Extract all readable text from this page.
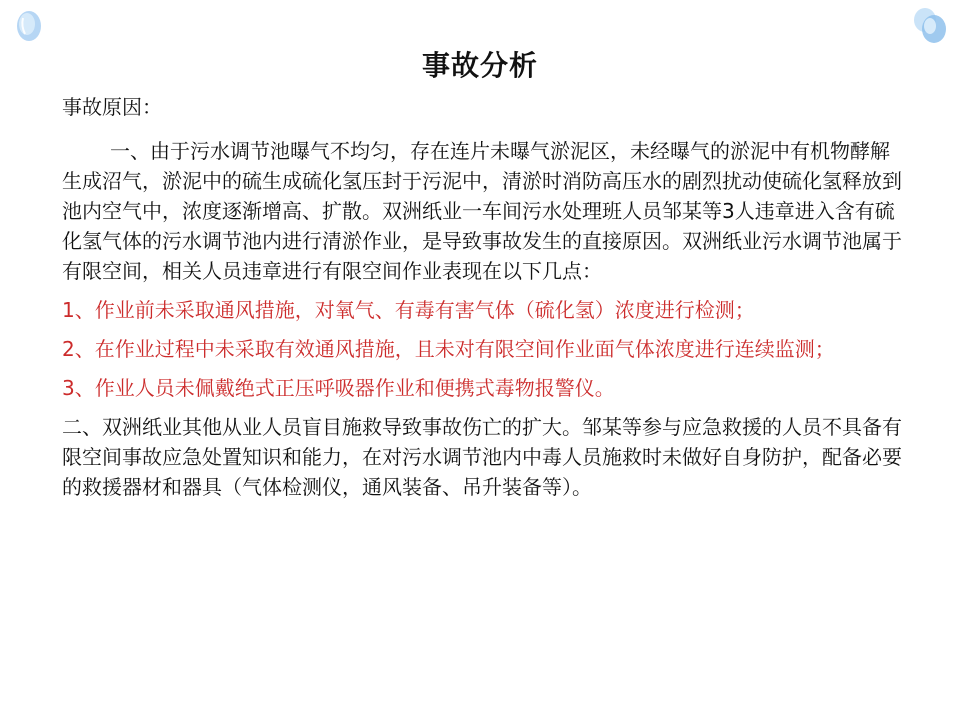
事故分析

事故原因：

一、由于污水调节池曝气不均匀，存在连片未曝气淤泥区，未经曝气的淤泥中有机物酵解生成沼气，淤泥中的硫生成硫化氢压封于污泥中，清淤时消防高压水的剧烈扰动使硫化氢释放到池内空气中，浓度逐渐增高、扩散。双洲纸业一车间污水处理班人员邹某等3人违章进入含有硫化氢气体的污水调节池内进行清淤作业，是导致事故发生的直接原因。双洲纸业污水调节池属于有限空间，相关人员违章进行有限空间作业表现在以下几点：

1、作业前未采取通风措施，对氧气、有毒有害气体（硫化氢）浓度进行检测；

2、在作业过程中未采取有效通风措施，且未对有限空间作业面气体浓度进行连续监测；

3、作业人员未佩戴绝式正压呼吸器作业和便携式毒物报警仪。

二、双洲纸业其他从业人员盲目施救导致事故伤亡的扩大。邹某等参与应急救援的人员不具备有限空间事故应急处置知识和能力，在对污水调节池内中毒人员施救时未做好自身防护，配备必要的救援器材和器具（气体检测仪，通风装备、吊升装备等）。
